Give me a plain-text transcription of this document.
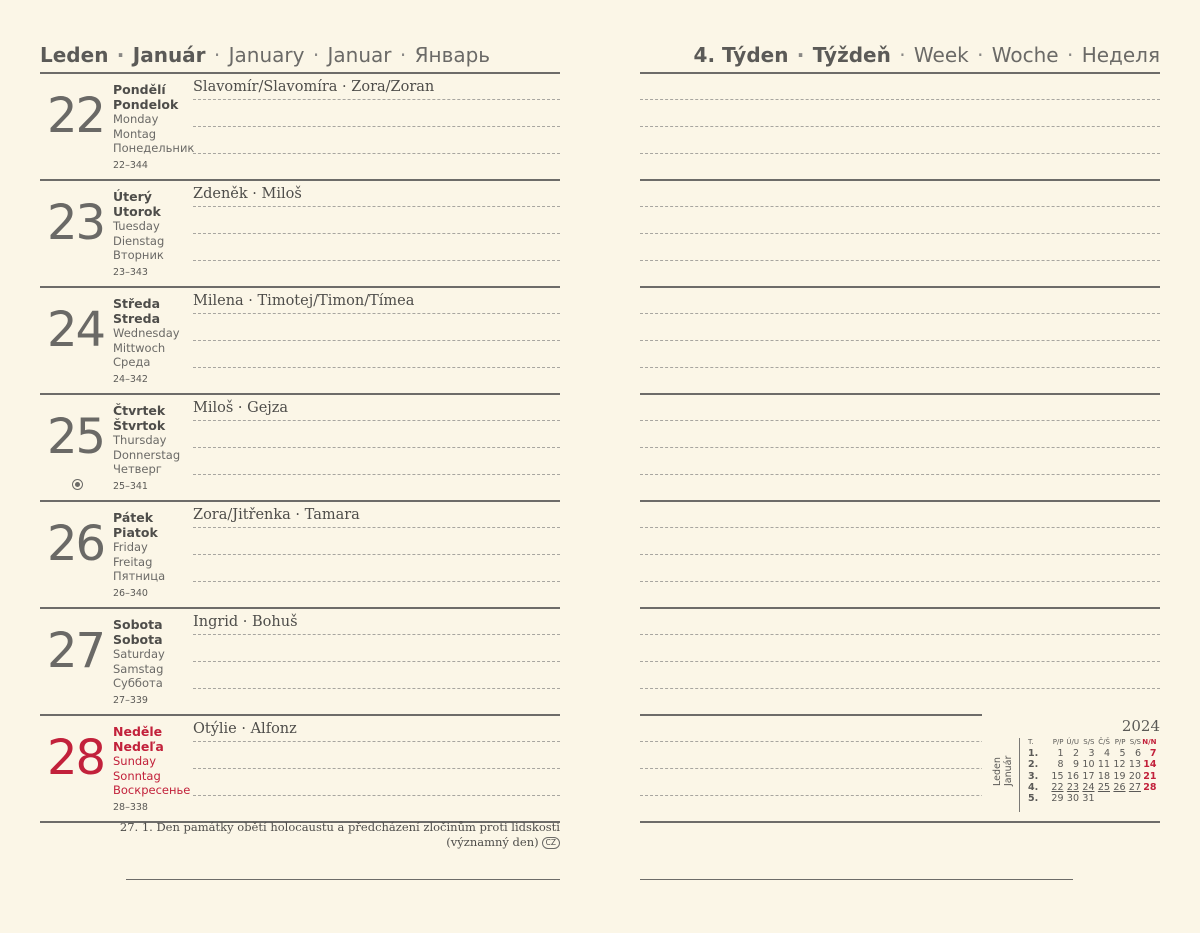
Leden · Január · January · Januar · Январь	4. Týden · Týždeň · Week · Woche · Неделя
22 Pondělí
Pondelok
Monday
Montag
Понедельник
22–344
Slavomír/Slavomíra · Zora/Zoran
23 Úterý
Utorok
Tuesday
Dienstag
Вторник
23–343
Zdeněk · Miloš
24 Středa
Streda
Wednesday
Mittwoch
Среда
24–342
Milena · Timotej/Timon/Tímea
25 Čtvrtek
Štvrtok
Thursday
Donnerstag
Четверг
25–341
Miloš · Gejza
26 Pátek
Piatok
Friday
Freitag
Пятница
26–340
Zora/Jitřenka · Tamara
27 Sobota
Sobota
Saturday
Samstag
Суббота
27–339
Ingrid · Bohuš
28 Neděle
Nedeľa
Sunday
Sonntag
Воскресенье
28–338
Otýlie · Alfonz
27. 1. Den památky obětí holocaustu a předcházení zločinům proti lidskosti
(významný den) CZ
2024
Leden
Január
T.	P/P	Ú/U	S/S	Č/Š	P/P	S/S	N/N
1.	1	2	3	4	5	6	7
2.	8	9	10	11	12	13	14
3.	15	16	17	18	19	20	21
4.	22	23	24	25	26	27	28
5.	29	30	31				
